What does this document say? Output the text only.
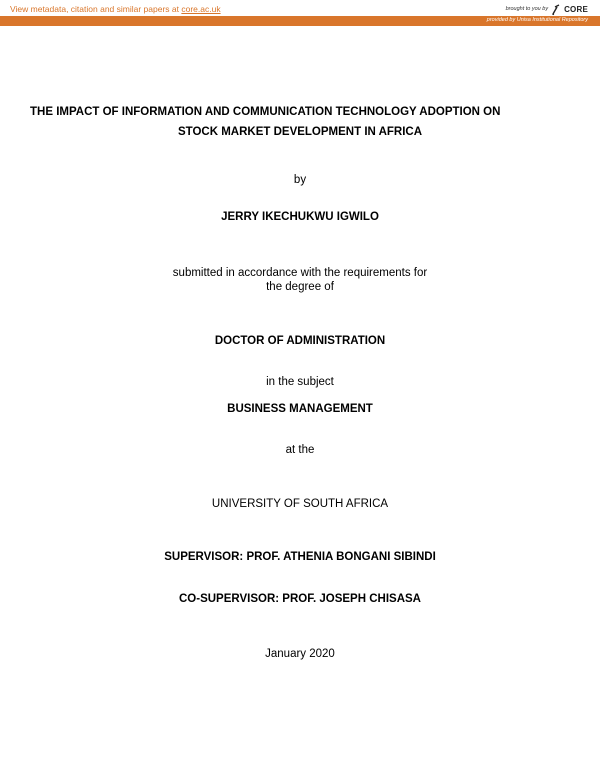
View metadata, citation and similar papers at core.ac.uk	brought to you by CORE
provided by Unisa Institutional Repository
THE IMPACT OF INFORMATION AND COMMUNICATION TECHNOLOGY ADOPTION ON
STOCK MARKET DEVELOPMENT IN AFRICA
by
JERRY IKECHUKWU IGWILO
submitted in accordance with the requirements for
the degree of
DOCTOR OF ADMINISTRATION
in the subject
BUSINESS MANAGEMENT
at the
UNIVERSITY OF SOUTH AFRICA
SUPERVISOR: PROF. ATHENIA BONGANI SIBINDI
CO-SUPERVISOR: PROF. JOSEPH CHISASA
January 2020
